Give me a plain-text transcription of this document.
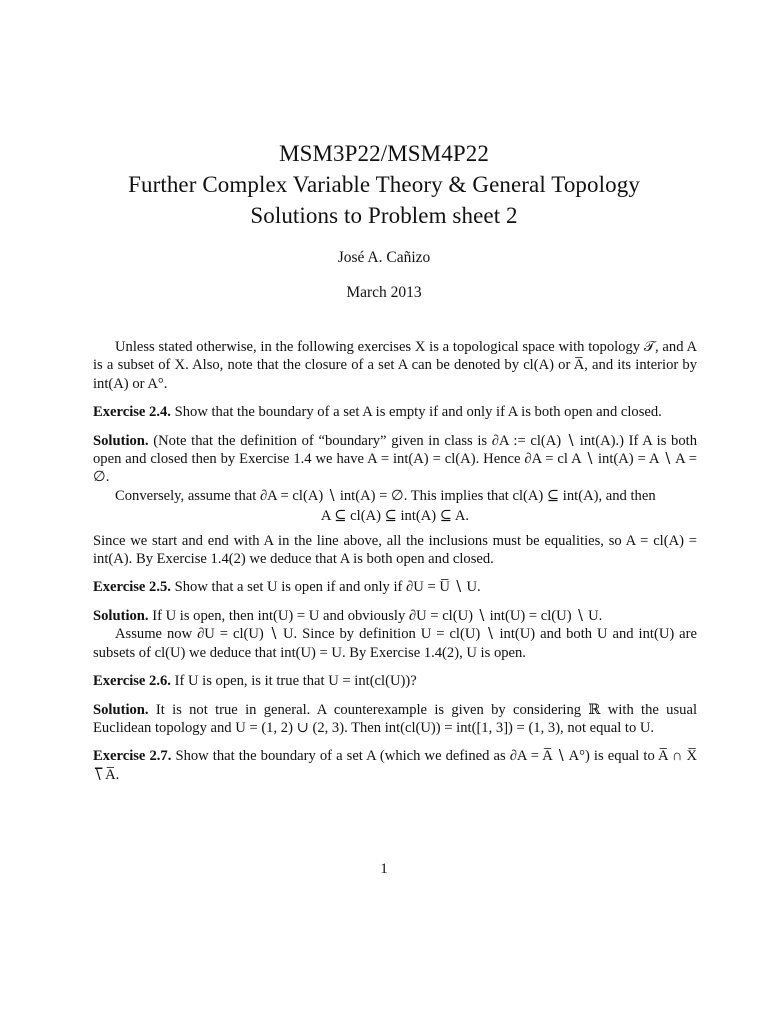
MSM3P22/MSM4P22
Further Complex Variable Theory & General Topology
Solutions to Problem sheet 2
José A. Cañizo
March 2013

Unless stated otherwise, in the following exercises X is a topological space with topology 𝒯, and A is a subset of X. Also, note that the closure of a set A can be denoted by cl(A) or A̅, and its interior by int(A) or A°.

Exercise 2.4. Show that the boundary of a set A is empty if and only if A is both open and closed.

Solution. (Note that the definition of “boundary” given in class is ∂A := cl(A) ∖ int(A).) If A is both open and closed then by Exercise 1.4 we have A = int(A) = cl(A). Hence ∂A = cl A ∖ int(A) = A ∖ A = ∅.

Conversely, assume that ∂A = cl(A) ∖ int(A) = ∅. This implies that cl(A) ⊆ int(A), and then

A ⊆ cl(A) ⊆ int(A) ⊆ A.

Since we start and end with A in the line above, all the inclusions must be equalities, so A = cl(A) = int(A). By Exercise 1.4(2) we deduce that A is both open and closed.

Exercise 2.5. Show that a set U is open if and only if ∂U = U̅ ∖ U.

Solution. If U is open, then int(U) = U and obviously ∂U = cl(U) ∖ int(U) = cl(U) ∖ U.

Assume now ∂U = cl(U) ∖ U. Since by definition U = cl(U) ∖ int(U) and both U and int(U) are subsets of cl(U) we deduce that int(U) = U. By Exercise 1.4(2), U is open.

Exercise 2.6. If U is open, is it true that U = int(cl(U))?

Solution. It is not true in general. A counterexample is given by considering ℝ with the usual Euclidean topology and U = (1, 2) ∪ (2, 3). Then int(cl(U)) = int([1, 3]) = (1, 3), not equal to U.

Exercise 2.7. Show that the boundary of a set A (which we defined as ∂A = A̅ ∖ A°) is equal to A̅ ∩ X̅ ∖̅ A̅.

1
